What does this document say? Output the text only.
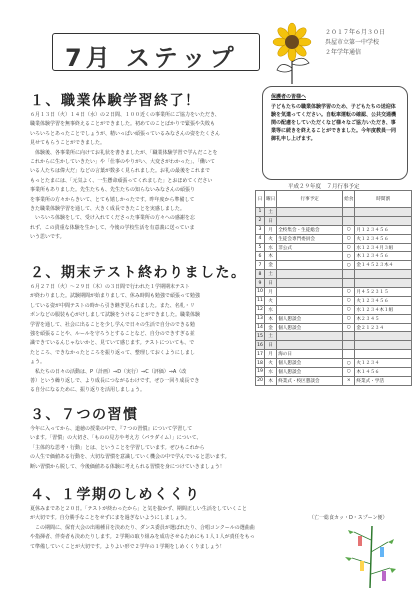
7月 ステップ
２０１７年６月３０日
呉屋市立第一中学校
２年学年通信
１、職業体験学習終了！
６月１３日（火）１４日（水）の２日間、１００近くの事業所にご協力をいただき、
職業体験学習を無事終えることができました。初めてのことばかりで緊張や失敗も
いろいろとあったことでしょうが、精いっぱい頑張っているみなさんの姿をたくさん
見せてもらうことができました。
　体験後、各事業所に向けてお礼状を書きましたが、「職業体験学習で学んだことを
これからに生かしていきたい」や「仕事のやりがい、大変さがわかった」、「働いて
いる人たちは偉大だ」などの言葉が数多く見られました。お礼の最後をこれまで
もっとたまには、「元気よく、一生懸命頑張ってくれました」とおほめてください
事業所もありました。先生たちも、先生たちの知らないみなさんの頑張り
を事業所の方々からきいて、とても嬉しかったです。昨年度から準備して
きた職業体験学習を通して、大きく成長できたことを実感しました。
　いろいろ体験をして、受け入れてくださった事業所の方々への感謝を忘
れず、この貴重な体験を生かして、今後の学校生活を有意義に送っていま
いう思いです。
保護者の皆様へ
子どもたちの職業体験学習のため、子どもたちの送迎体験を気遣ってください。自転車運転の確認、公共交通機関の配慮をしていただくなど様々なご協力いただき、事業等に続きを終えることができました。今年度教員一同御礼申し上げます。
平成２９年度　７月行事予定
日	曜日	行事予定	給食	時間割
1	土			
2	日			
3	月	全校集会・生徒総会	○	月１２３４５６
4	火	生徒会専門委員会	○	火１２３４５６
5	水	非公式	○	水１２３４月３組
6	木		○	木１２３４５６
7	金		○	金１４５２３木４
8	土			
9	日			
10	月		○	月４５２３１５
11	火		○	火１２３４５６
12	水		○	水１２３４木１組
13	木	個人懇談会	○	木２３４５
14	金	個人懇談会	○	金２１２３４
15	土			
16	日			
17	月	海の日		
18	火	個人懇談会	○	火１２３４
19	水	個人懇談会	○	木１４５６
20	木	終業式・校区懇談会	×	終業式・学活
２、期末テスト終わりました。
６月２７日（火）～２９日（木）の３日間で行われた１学期期末テスト
が終わりました。試験期間が始まりまして、休み時間も勉強で頑張って勉強
している姿が中間テストの時から引き継ぎ見られました。また、名札・リ
ボンなどの服装も心がけしまして試験をうけることができました。職業体験
学習を通して、社会に出ることを少し学んで日々の生活で自分のできる勉
強を頑張ることや、ルールを守ろうとすることなど、自分のできすぎる並
識できているんじゃないかと、見ていて感じます。テストについても、で
たところ、できなかったところを振り返って、整理しておくようにしまし
ょう。
　私たちの日々の活動は、P（計画）⇒D（実行）⇒C（評価）⇒A（改
善）という繰り返しで、より成長につながるわけです。ぜひ一回り成長でき
る自分になるために、振り返りを活用しましょう。
３、７つの習慣
今年に入ってから、道徳の授業の中で、『７つの習慣』について学習して
います。「習慣」の大切さ、「ものの見方や考え方（パラダイム）」について、
「主体的な思考・行動」とは、ということを学習しています。ぜひもこれから
の人生で価値ある行動を、大切な習慣を意識していく機会の中で学んでいると思います。
断い習慣から脱して、今後価値ある体験に考えられる習慣を身につけていきましょう！
（亡一総食カッ・D・スプーン便）
４、１学期のしめくくり
夏休みまであと２０日。「テストが終わったから」と気を抜かず、期間正しい生活をしていくこと
が大切です。自分勝手なことをせずにまを過ぎないようにしましょう。
　この期間に、保育大会の出場種目を決めたり、ダンス委員が選ばれたり、合唱コンクールの選曲曲
や指揮者、伴奏者も決めたりします。２学期の取り組みを成功させるためにも１人１人が責任をもっ
て準備していくことが大切です。よりよい形で２学年の１学期をしめくくりましょう！
